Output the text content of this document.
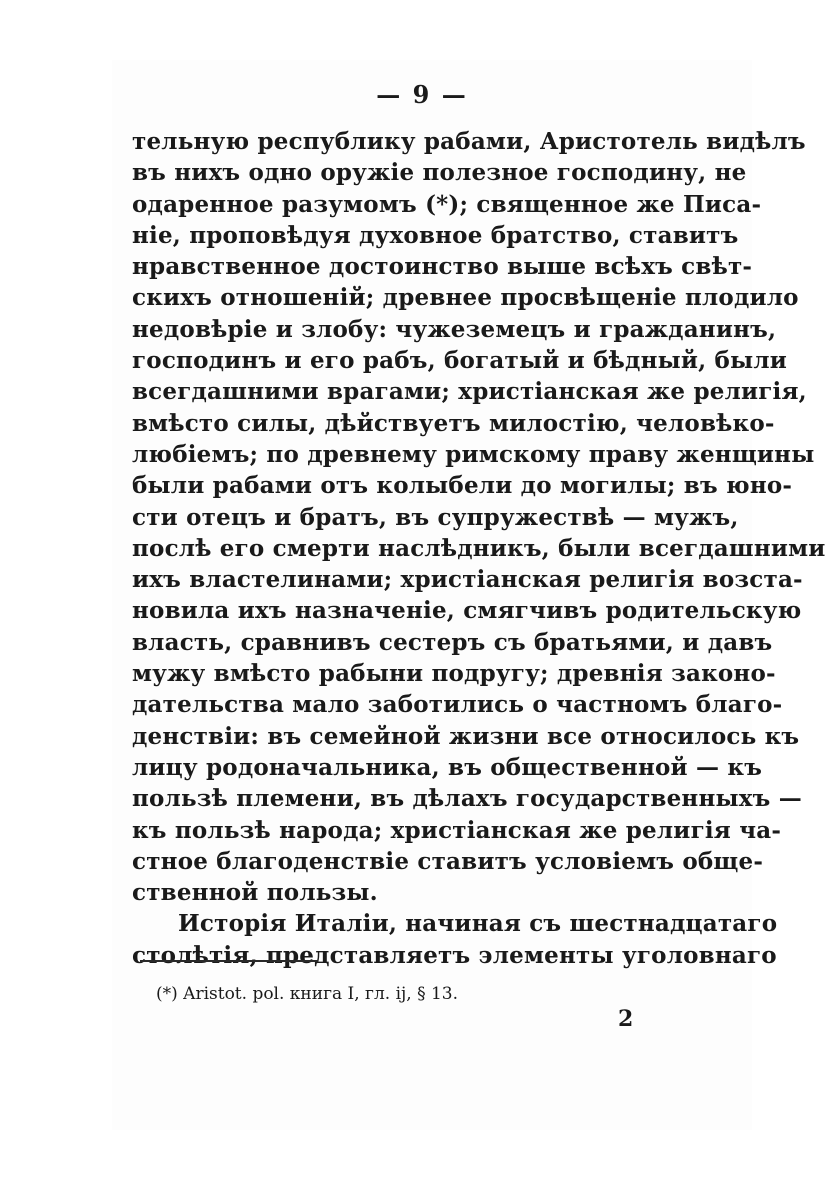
— 9 —
тельную республику рабами, Аристотель видѣлъ
въ нихъ одно оружіе полезное господину, не
одаренное разумомъ (*); священное же Писа-
ніе, проповѣдуя духовное братство, ставитъ
нравственное достоинство выше всѣхъ свѣт-
скихъ отношеній; древнее просвѣщеніе плодило
недовѣріе и злобу: чужеземецъ и гражданинъ,
господинъ и его рабъ, богатый и бѣдный, были
всегдашними врагами; христіанская же религія,
вмѣсто силы, дѣйствуетъ милостію, человѣко-
любіемъ; по древнему римскому праву женщины
были рабами отъ колыбели до могилы; въ юно-
сти отецъ и братъ, въ супружествѣ — мужъ,
послѣ его смерти наслѣдникъ, были всегдашними
ихъ властелинами; христіанская религія возста-
новила ихъ назначеніе, смягчивъ родительскую
власть, сравнивъ сестеръ съ братьями, и давъ
мужу вмѣсто рабыни подругу; древнія законо-
дательства мало заботились о частномъ благо-
денствіи: въ семейной жизни все относилось къ
лицу родоначальника, въ общественной — къ
пользѣ племени, въ дѣлахъ государственныхъ —
къ пользѣ народа; христіанская же религія ча-
стное благоденствіе ставитъ условіемъ обще-
ственной пользы.
Исторія Италіи, начиная съ шестнадцатаго
столѣтія, представляетъ элементы уголовнаго
(*) Aristot. pol. книга I, гл. ij, § 13.
2
